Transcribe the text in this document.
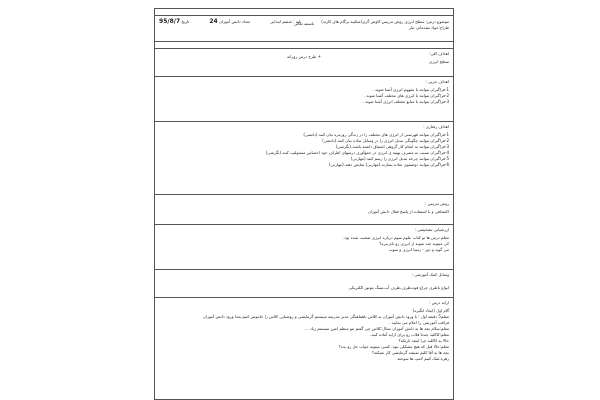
باسمه تعالی	موضوع درس: سطح انرژی روش تدریس:کاوش گری(شکیبه برگام های کاربد)
پایه : ششم ابتدایی
تعداد دانش آموزان 24
تاریخ 95/8/7
طراح:جواد مقدماتی تبار
+ طرح درس روزانه
اهداف کلی:
سطح انرژی
اهداف جزیی :
1-فراگیران بتوانند با مفهوم انرژی آشنا شوند .
2-فراگیران بتوانند با انرژی های مختلف آشنا شوند .
3-فراگیران بتوانند با منابع مختلف انرژی آشنا شوند .
اهداف رفتاری :
1-فراگیران بتوانند فهرستی از انرژی های مختلف را در زندگی روزمره بیان کنند.(دانشی)
2-فراگیران بتوانند چگونگی تبدیل انرژی را در وسایل ساده بیان کنند.(دانشی)
3-فراگیران بتوانند به انجام کار گروهی اشتیاق داشته باشند.(نگرشی)
4-فراگیران نسبت به مصرف بهینه ی انرژی در جمع‌آوری درسهای اطراف خود احساس مسئولیت کنند.(نگرشی)
5-فراگیران بتوانند چرخه تبدیل انرژی را رسم کنند.(مهارتی)
6-فراگیران بتوانند دوصفوی ساده بسازند.(مهارتی) نمایش دهند.(مهارتی)
روش تدریس :
اکتشافی و با استفاده از پاسخ فعال دانش آموزان
ارزشیابی تشخیصی :
معلم درس ها تو کتاب علوم سوم درباره انرژی صحبت شده بود.
کی میتونه چند نمونه از انرژی رو نام ببره؟
می گوید و دور - زمینا انرژی و صوت
وسایل کمک آموزشی :
انواع باطری چراغ قوه،ظرف،ظرف آب،سنگ موتور الکتریکی
ارایه درس :
گام اول (ایجاد انگیزه)
معلم5 دقیقه اول : با ورود دانش آموزان به کلاس باهماهنگی مدیر مدرسه سیستم گرمایشی و روشنایی کلاس را خاموش کنیم.بعدا ورود دانش آموزان
فراقب آموزشی را اعلام می نمایید .
معلم:سلام بچه ها به دانش آموزان سئال:کلاس چی گفتم نتو منظم اصن سیستم زیاد ...
معلم:کاکلید چندتا قلاب رو برای ارایه آماده کنید.
حالا به کاکلید چرا اینقد تاریکه؟
معلم:حالا قبل که هیچ مشکلی نبود. کسی میتونه جواب حل رو بده؟
بچه ها به آقا کلیم نمیشد گرمایشی کار نمیکنه؟
زهره:شک کنیم لامپ ها سوخته
